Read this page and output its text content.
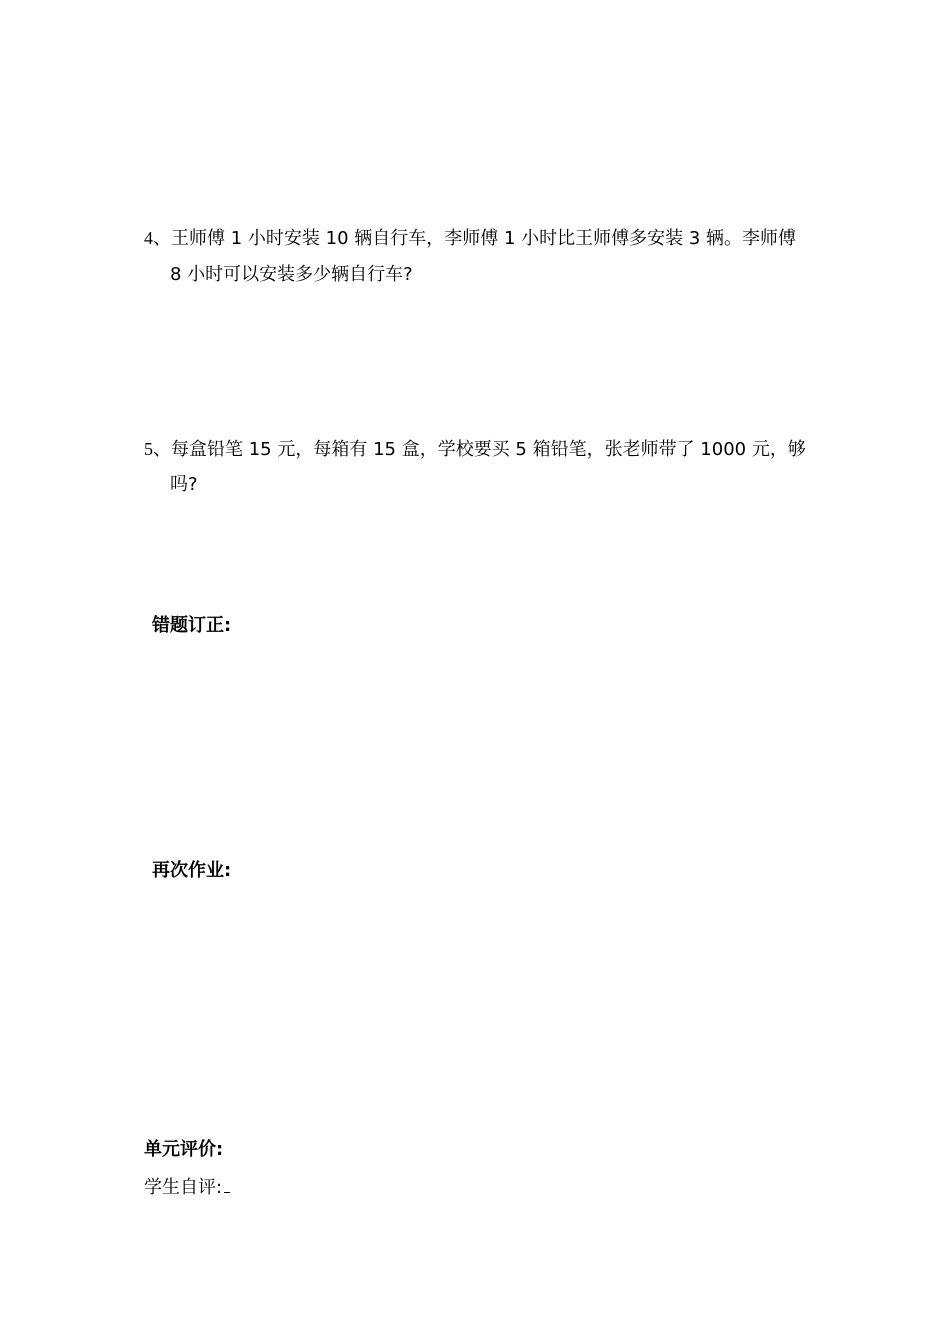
4、王师傅 1 小时安装 10 辆自行车，李师傅 1 小时比王师傅多安装 3 辆。李师傅
8 小时可以安装多少辆自行车?
5、每盒铅笔 15 元，每箱有 15 盒，学校要买 5 箱铅笔，张老师带了 1000 元，够
吗?
错题订正:
再次作业:
单元评价:
学生自评:
